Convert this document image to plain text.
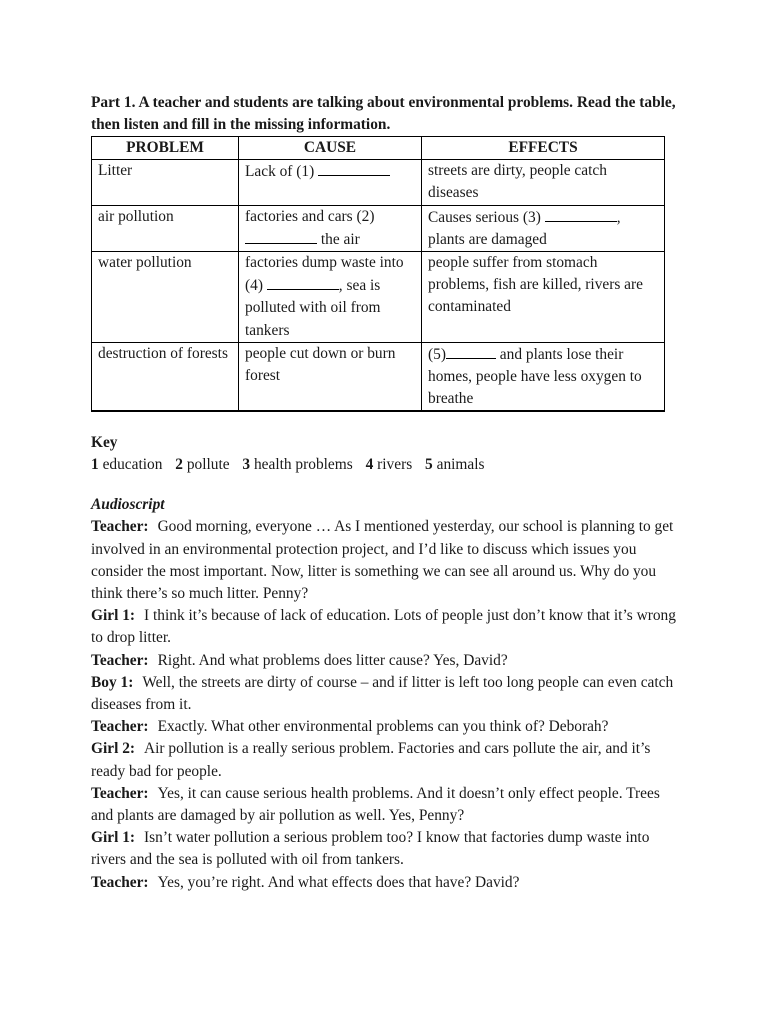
Part 1. A teacher and students are talking about environmental problems. Read the table, then listen and fill in the missing information.

PROBLEM	CAUSE	EFFECTS
Litter	Lack of (1)	streets are dirty, people catch diseases
air pollution	factories and cars (2)  the air	Causes serious (3) , plants are damaged
water pollution	factories dump waste into (4) , sea is polluted with oil from tankers	people suffer from stomach problems, fish are killed, rivers are contaminated
destruction of forests	people cut down or burn forest	(5) and plants lose their homes, people have less oxygen to breathe
Key
1 education 2 pollute 3 health problems 4 rivers 5 animals
Audioscript

Teacher: Good morning, everyone … As I mentioned yesterday, our school is planning to get involved in an environmental protection project, and I’d like to discuss which issues you consider the most important. Now, litter is something we can see all around us. Why do you think there’s so much litter. Penny?

Girl 1: I think it’s because of lack of education. Lots of people just don’t know that it’s wrong to drop litter.

Teacher: Right. And what problems does litter cause? Yes, David?

Boy 1: Well, the streets are dirty of course – and if litter is left too long people can even catch diseases from it.

Teacher: Exactly. What other environmental problems can you think of? Deborah?

Girl 2: Air pollution is a really serious problem. Factories and cars pollute the air, and it’s ready bad for people.

Teacher: Yes, it can cause serious health problems. And it doesn’t only effect people. Trees and plants are damaged by air pollution as well. Yes, Penny?

Girl 1: Isn’t water pollution a serious problem too? I know that factories dump waste into rivers and the sea is polluted with oil from tankers.

Teacher: Yes, you’re right. And what effects does that have? David?
